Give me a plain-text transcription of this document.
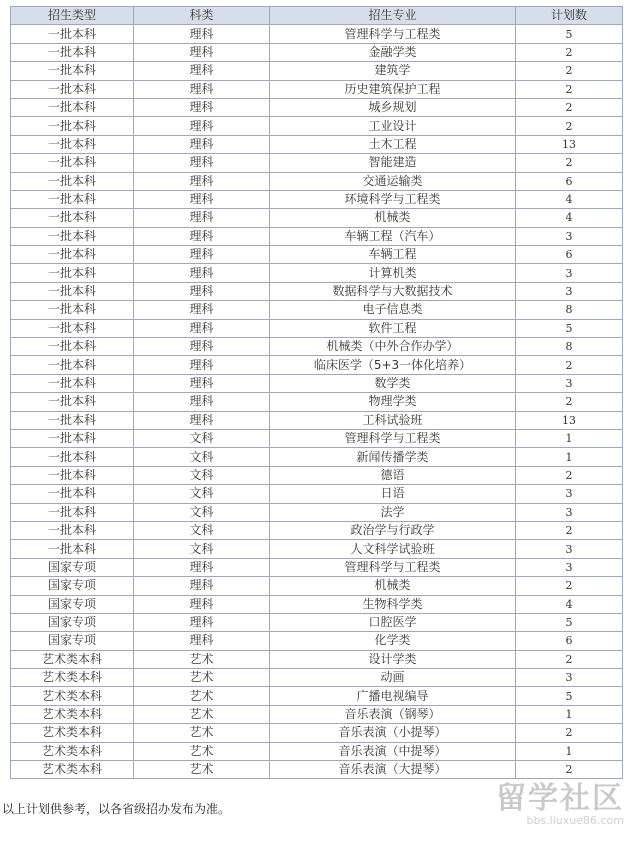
招生类型	科类	招生专业	计划数
一批本科	理科	管理科学与工程类	5
一批本科	理科	金融学类	2
一批本科	理科	建筑学	2
一批本科	理科	历史建筑保护工程	2
一批本科	理科	城乡规划	2
一批本科	理科	工业设计	2
一批本科	理科	土木工程	13
一批本科	理科	智能建造	2
一批本科	理科	交通运输类	6
一批本科	理科	环境科学与工程类	4
一批本科	理科	机械类	4
一批本科	理科	车辆工程（汽车）	3
一批本科	理科	车辆工程	6
一批本科	理科	计算机类	3
一批本科	理科	数据科学与大数据技术	3
一批本科	理科	电子信息类	8
一批本科	理科	软件工程	5
一批本科	理科	机械类（中外合作办学）	8
一批本科	理科	临床医学（5+3一体化培养）	2
一批本科	理科	数学类	3
一批本科	理科	物理学类	2
一批本科	理科	工科试验班	13
一批本科	文科	管理科学与工程类	1
一批本科	文科	新闻传播学类	1
一批本科	文科	德语	2
一批本科	文科	日语	3
一批本科	文科	法学	3
一批本科	文科	政治学与行政学	2
一批本科	文科	人文科学试验班	3
国家专项	理科	管理科学与工程类	3
国家专项	理科	机械类	2
国家专项	理科	生物科学类	4
国家专项	理科	口腔医学	5
国家专项	理科	化学类	6
艺术类本科	艺术	设计学类	2
艺术类本科	艺术	动画	3
艺术类本科	艺术	广播电视编导	5
艺术类本科	艺术	音乐表演（钢琴）	1
艺术类本科	艺术	音乐表演（小提琴）	2
艺术类本科	艺术	音乐表演（中提琴）	1
艺术类本科	艺术	音乐表演（大提琴）	2
以上计划供参考，以各省级招办发布为准。	留学社区
bbs.liuxue86.com
